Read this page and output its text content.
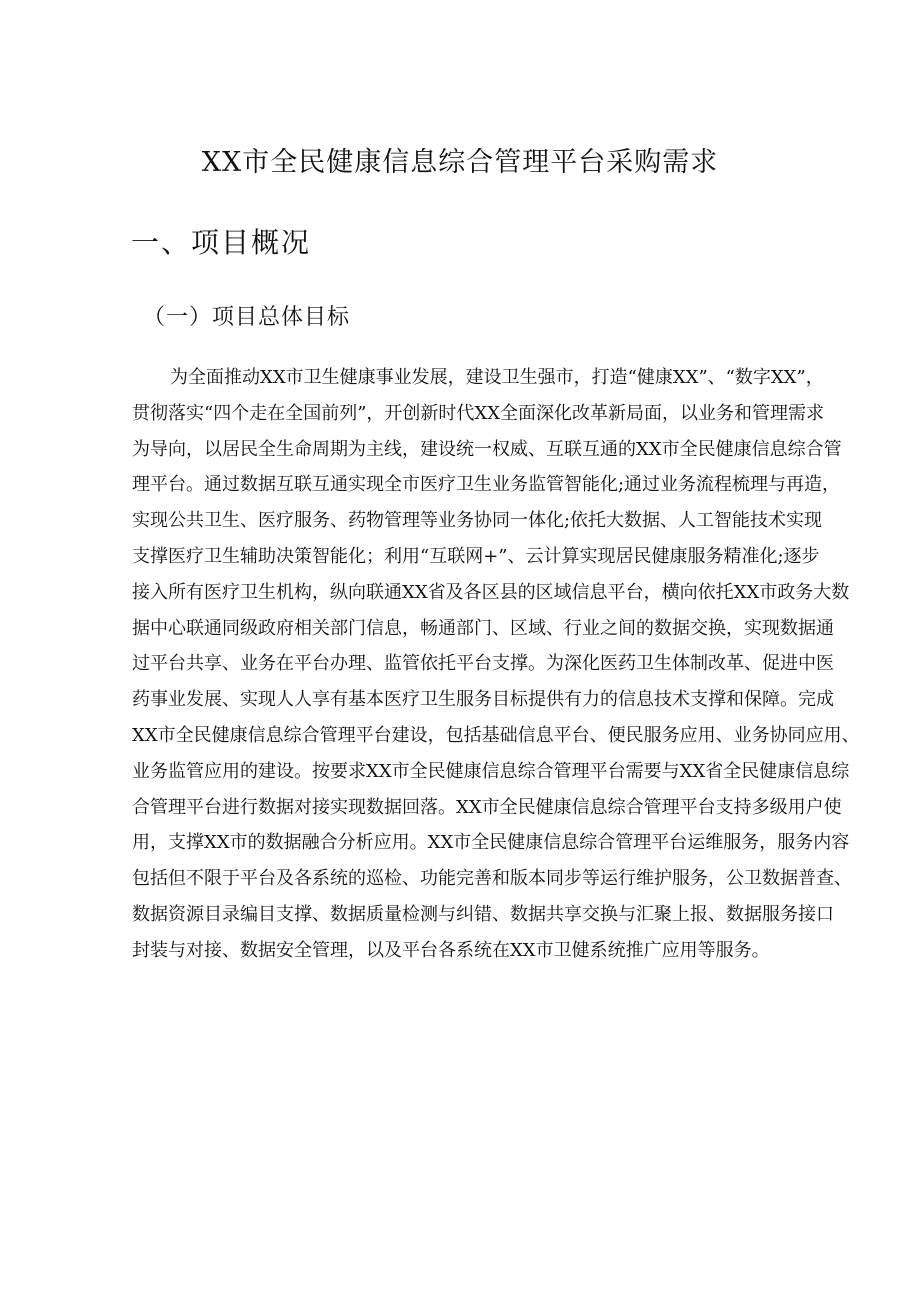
XX市全民健康信息综合管理平台采购需求
一、项目概况
（一）项目总体目标
为全面推动XX市卫生健康事业发展，建设卫生强市，打造“健康XX”、“数字XX”，
贯彻落实“四个走在全国前列”，开创新时代XX全面深化改革新局面，以业务和管理需求
为导向，以居民全生命周期为主线，建设统一权威、互联互通的XX市全民健康信息综合管
理平台。通过数据互联互通实现全市医疗卫生业务监管智能化;通过业务流程梳理与再造，
实现公共卫生、医疗服务、药物管理等业务协同一体化;依托大数据、人工智能技术实现
支撑医疗卫生辅助决策智能化；利用“互联网+”、云计算实现居民健康服务精准化;逐步
接入所有医疗卫生机构，纵向联通XX省及各区县的区域信息平台，横向依托XX市政务大数
据中心联通同级政府相关部门信息，畅通部门、区域、行业之间的数据交换，实现数据通
过平台共享、业务在平台办理、监管依托平台支撑。为深化医药卫生体制改革、促进中医
药事业发展、实现人人享有基本医疗卫生服务目标提供有力的信息技术支撑和保障。完成
XX市全民健康信息综合管理平台建设，包括基础信息平台、便民服务应用、业务协同应用、
业务监管应用的建设。按要求XX市全民健康信息综合管理平台需要与XX省全民健康信息综
合管理平台进行数据对接实现数据回落。XX市全民健康信息综合管理平台支持多级用户使
用，支撑XX市的数据融合分析应用。XX市全民健康信息综合管理平台运维服务，服务内容
包括但不限于平台及各系统的巡检、功能完善和版本同步等运行维护服务，公卫数据普查、
数据资源目录编目支撑、数据质量检测与纠错、数据共享交换与汇聚上报、数据服务接口
封装与对接、数据安全管理，以及平台各系统在XX市卫健系统推广应用等服务。
